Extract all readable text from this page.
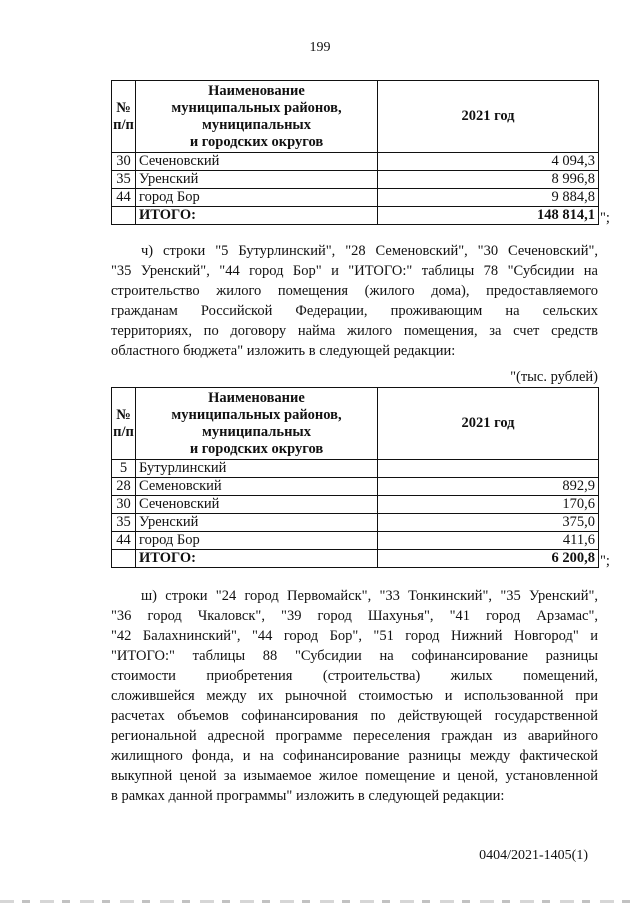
199
№
п/п	Наименование
муниципальных районов,
муниципальных
и городских округов	2021 год
30	Сеченовский	4 094,3
35	Уренский	8 996,8
44	город Бор	9 884,8
	ИТОГО:	148 814,1 ";
ч) строки "5 Бутурлинский", "28 Семеновский", "30 Сеченовский",
"35 Уренский", "44 город Бор" и "ИТОГО:" таблицы 78 "Субсидии на
строительство жилого помещения (жилого дома), предоставляемого
гражданам Российской Федерации, проживающим на сельских
территориях, по договору найма жилого помещения, за счет средств
областного бюджета" изложить в следующей редакции:
"(тыс. рублей)
№
п/п	Наименование
муниципальных районов,
муниципальных
и городских округов	2021 год
5	Бутурлинский	
28	Семеновский	892,9
30	Сеченовский	170,6
35	Уренский	375,0
44	город Бор	411,6
	ИТОГО:	6 200,8 ";
ш) строки "24 город Первомайск", "33 Тонкинский", "35 Уренский",
"36 город Чкаловск", "39 город Шахунья", "41 город Арзамас",
"42 Балахнинский", "44 город Бор", "51 город Нижний Новгород" и
"ИТОГО:" таблицы 88 "Субсидии на софинансирование разницы
стоимости приобретения (строительства) жилых помещений,
сложившейся между их рыночной стоимостью и использованной при
расчетах объемов софинансирования по действующей государственной
региональной адресной программе переселения граждан из аварийного
жилищного фонда, и на софинансирование разницы между фактической
выкупной ценой за изымаемое жилое помещение и ценой, установленной
в рамках данной программы" изложить в следующей редакции:
0404/2021-1405(1)
